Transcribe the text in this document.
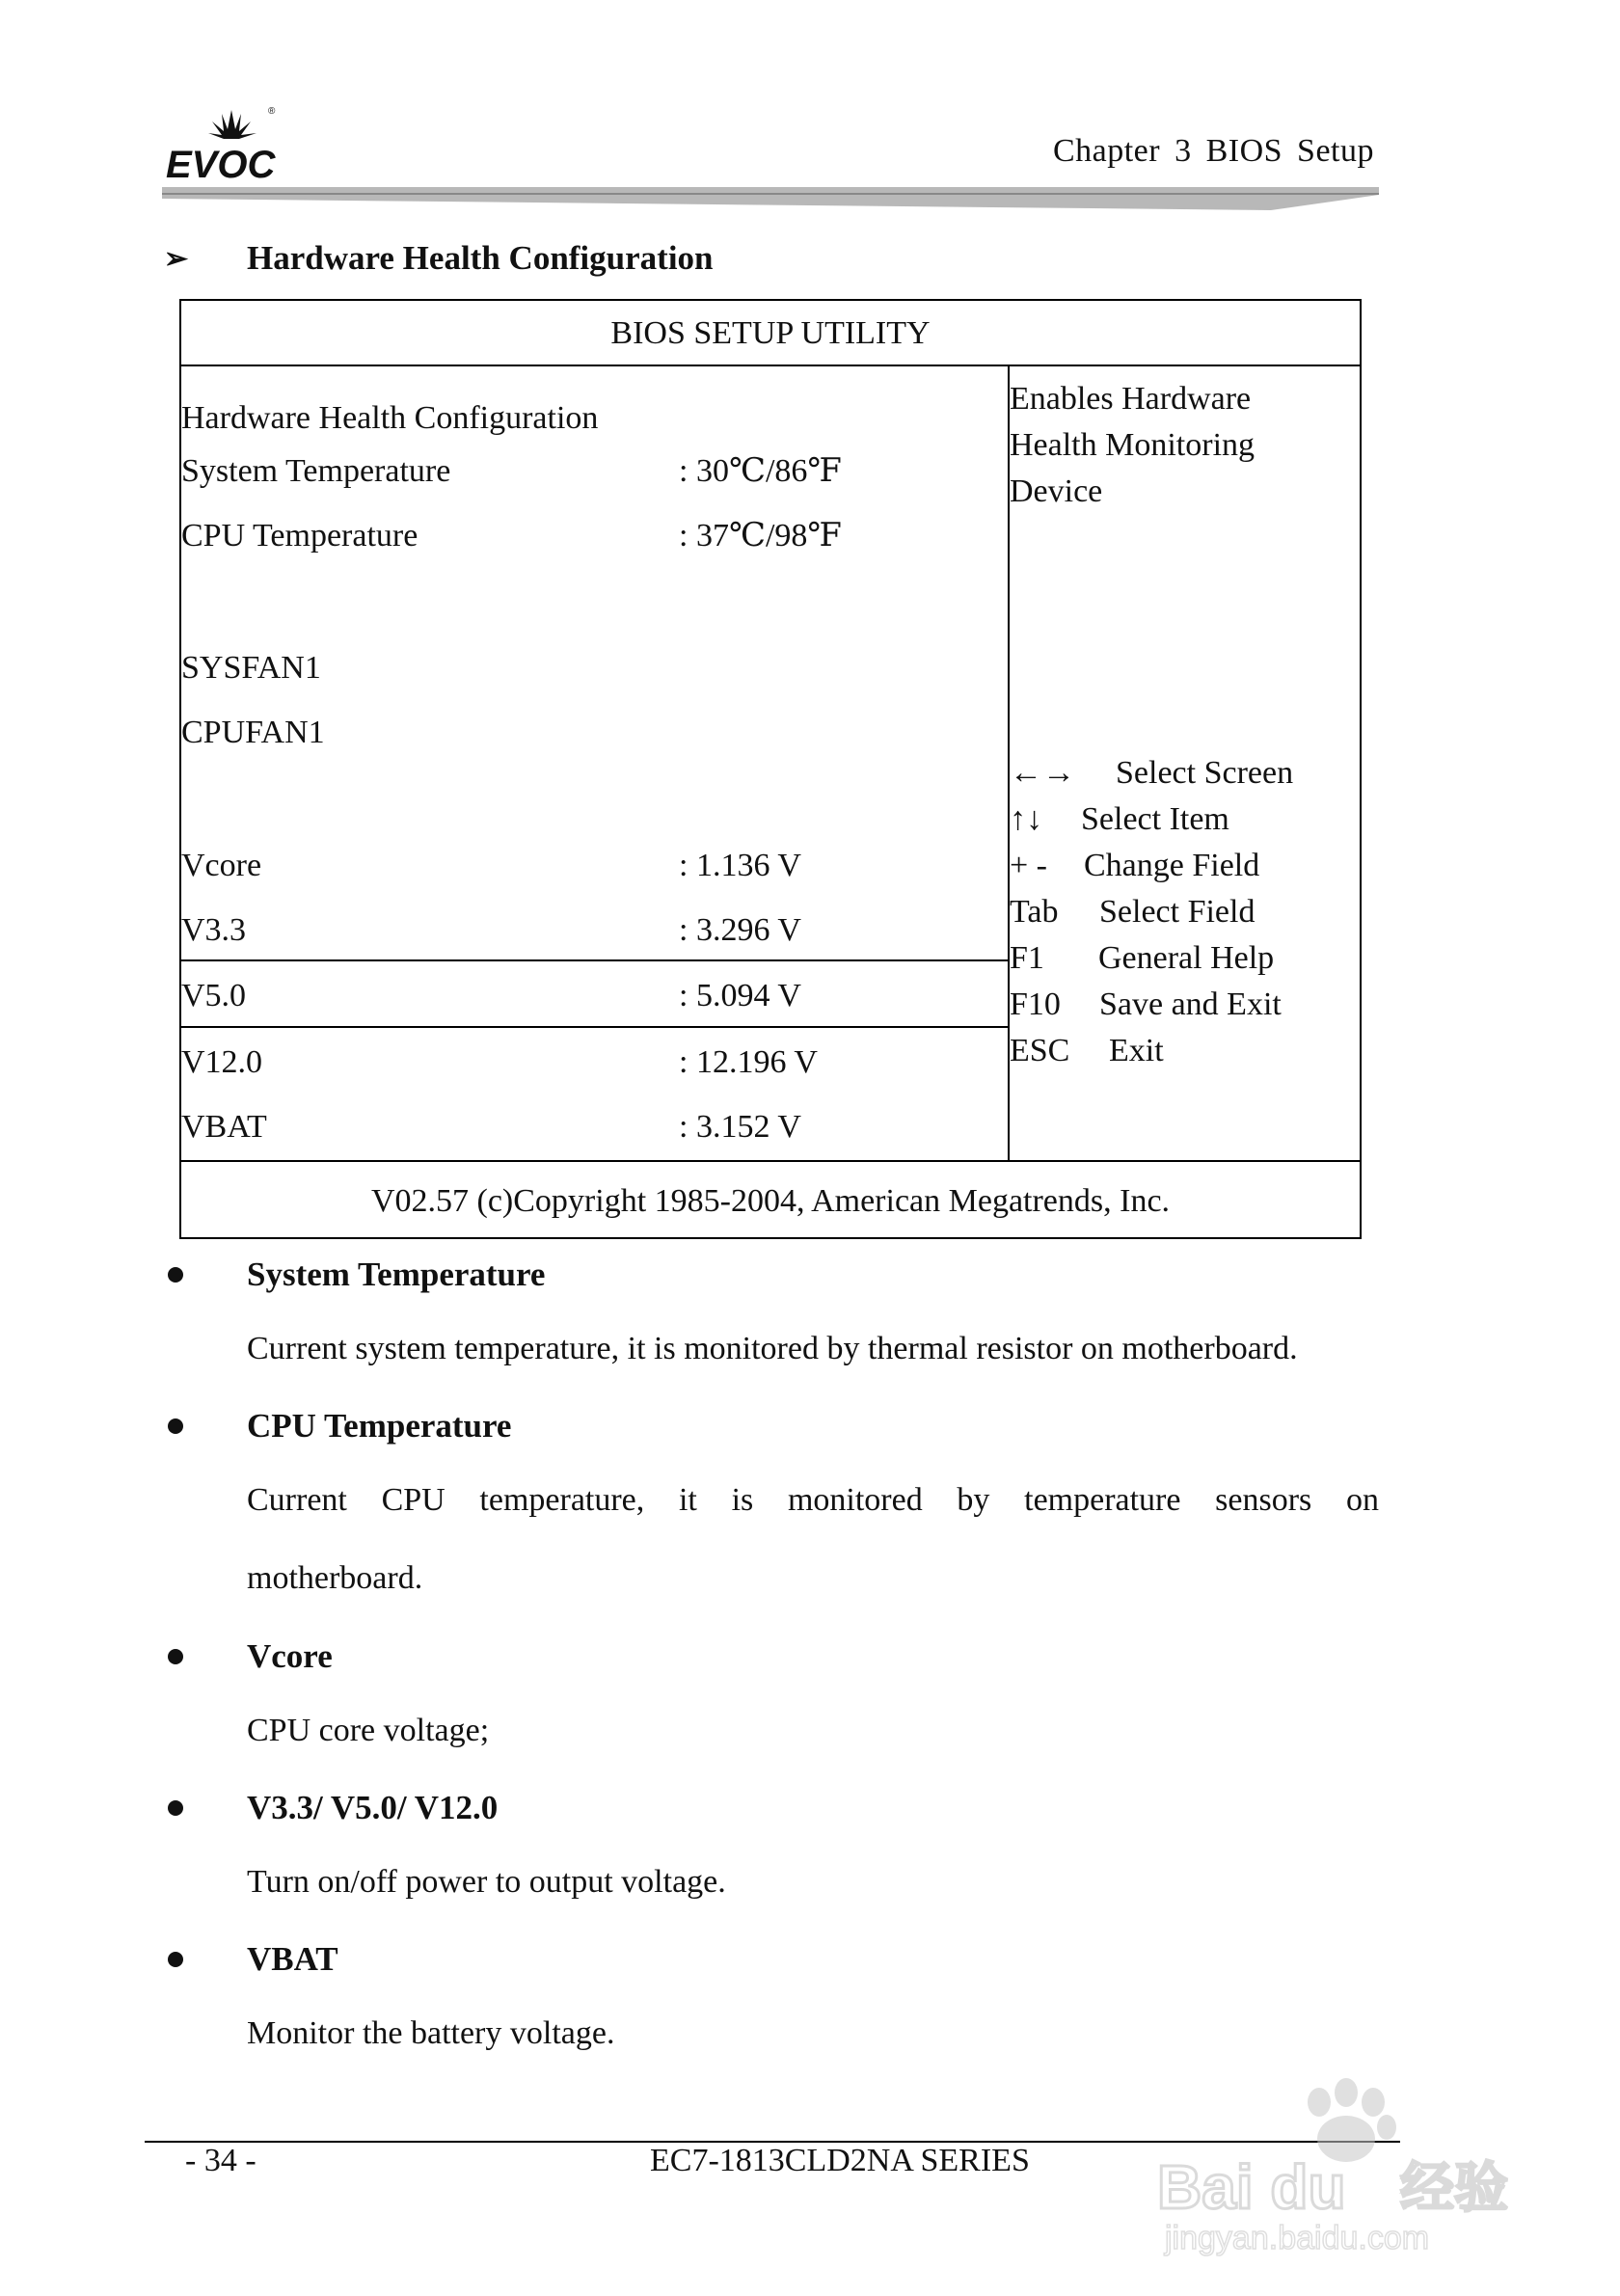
®
EVOC	Chapter 3 BIOS Setup
➢	Hardware Health Configuration
BIOS SETUP UTILITY
Hardware Health Configuration
System Temperature	: 30℃/86℉
CPU Temperature	: 37℃/98℉
SYSFAN1
CPUFAN1
Vcore	: 1.136 V
V3.3	: 3.296 V
V5.0	: 5.094 V
V12.0	: 12.196 V
VBAT	: 3.152 V
Enables Hardware
Health Monitoring
Device
←→ Select Screen
↑↓ Select Item
+ - Change Field
Tab Select Field
F1 General Help
F10 Save and Exit
ESC Exit
V02.57 (c)Copyright 1985-2004, American Megatrends, Inc.
System Temperature
Current system temperature, it is monitored by thermal resistor on motherboard.
CPU Temperature
Current CPU temperature, it is monitored by temperature sensors on
motherboard.
Vcore
CPU core voltage;
V3.3/ V5.0/ V12.0
Turn on/off power to output voltage.
VBAT
Monitor the battery voltage.
- 34 -	EC7-1813CLD2NA SERIES Bai du 经验
jingyan.baidu.com
